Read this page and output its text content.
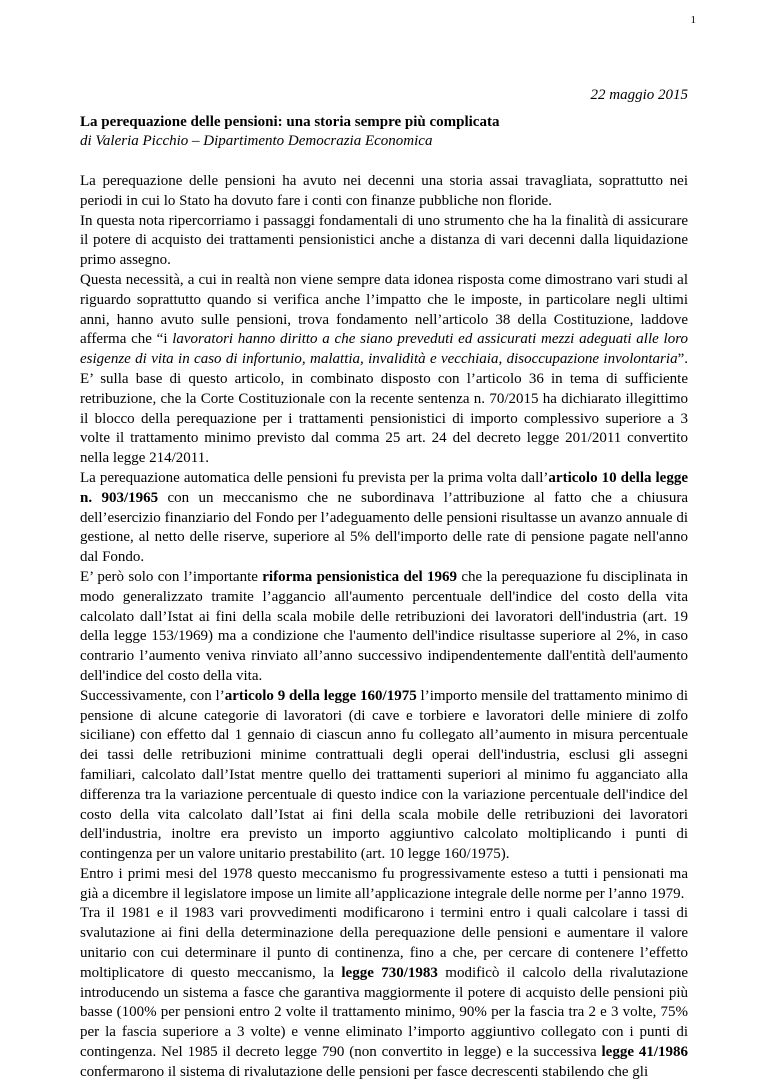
1
22 maggio 2015
La perequazione delle pensioni: una storia sempre più complicata
di Valeria Picchio – Dipartimento Democrazia Economica

La perequazione delle pensioni ha avuto nei decenni una storia assai travagliata, soprattutto nei periodi in cui lo Stato ha dovuto fare i conti con finanze pubbliche non floride.

In questa nota ripercorriamo i passaggi fondamentali di uno strumento che ha la finalità di assicurare il potere di acquisto dei trattamenti pensionistici anche a distanza di vari decenni dalla liquidazione primo assegno.

Questa necessità, a cui in realtà non viene sempre data idonea risposta come dimostrano vari studi al riguardo soprattutto quando si verifica anche l’impatto che le imposte, in particolare negli ultimi anni, hanno avuto sulle pensioni, trova fondamento nell’articolo 38 della Costituzione, laddove afferma che “i lavoratori hanno diritto a che siano preveduti ed assicurati mezzi adeguati alle loro esigenze di vita in caso di infortunio, malattia, invalidità e vecchiaia, disoccupazione involontaria”. E’ sulla base di questo articolo, in combinato disposto con l’articolo 36 in tema di sufficiente retribuzione, che la Corte Costituzionale con la recente sentenza n. 70/2015 ha dichiarato illegittimo il blocco della perequazione per i trattamenti pensionistici di importo complessivo superiore a 3 volte il trattamento minimo previsto dal comma 25 art. 24 del decreto legge 201/2011 convertito nella legge 214/2011.

La perequazione automatica delle pensioni fu prevista per la prima volta dall’articolo 10 della legge n. 903/1965 con un meccanismo che ne subordinava l’attribuzione al fatto che a chiusura dell’esercizio finanziario del Fondo per l’adeguamento delle pensioni risultasse un avanzo annuale di gestione, al netto delle riserve, superiore al 5% dell'importo delle rate di pensione pagate nell'anno dal Fondo.

E’ però solo con l’importante riforma pensionistica del 1969 che la perequazione fu disciplinata in modo generalizzato tramite l’aggancio all'aumento percentuale dell'indice del costo della vita calcolato dall’Istat ai fini della scala mobile delle retribuzioni dei lavoratori dell'industria (art. 19 della legge 153/1969) ma a condizione che l'aumento dell'indice risultasse superiore al 2%, in caso contrario l’aumento veniva rinviato all’anno successivo indipendentemente dall'entità dell'aumento dell'indice del costo della vita.

Successivamente, con l’articolo 9 della legge 160/1975 l’importo mensile del trattamento minimo di pensione di alcune categorie di lavoratori (di cave e torbiere e lavoratori delle miniere di zolfo siciliane) con effetto dal 1 gennaio di ciascun anno fu collegato all’aumento in misura percentuale dei tassi delle retribuzioni minime contrattuali degli operai dell'industria, esclusi gli assegni familiari, calcolato dall’Istat mentre quello dei trattamenti superiori al minimo fu agganciato alla differenza tra la variazione percentuale di questo indice con la variazione percentuale dell'indice del costo della vita calcolato dall’Istat ai fini della scala mobile delle retribuzioni dei lavoratori dell'industria, inoltre era previsto un importo aggiuntivo calcolato moltiplicando i punti di contingenza per un valore unitario prestabilito (art. 10 legge 160/1975).

Entro i primi mesi del 1978 questo meccanismo fu progressivamente esteso a tutti i pensionati ma già a dicembre il legislatore impose un limite all’applicazione integrale delle norme per l’anno 1979.

Tra il 1981 e il 1983 vari provvedimenti modificarono i termini entro i quali calcolare i tassi di svalutazione ai fini della determinazione della perequazione delle pensioni e aumentare il valore unitario con cui determinare il punto di continenza, fino a che, per cercare di contenere l’effetto moltiplicatore di questo meccanismo, la legge 730/1983 modificò il calcolo della rivalutazione introducendo un sistema a fasce che garantiva maggiormente il potere di acquisto delle pensioni più basse (100% per pensioni entro 2 volte il trattamento minimo, 90% per la fascia tra 2 e 3 volte, 75% per la fascia superiore a 3 volte) e venne eliminato l’importo aggiuntivo collegato con i punti di contingenza. Nel 1985 il decreto legge 790 (non convertito in legge) e la successiva legge 41/1986 confermarono il sistema di rivalutazione delle pensioni per fasce decrescenti stabilendo che gli
